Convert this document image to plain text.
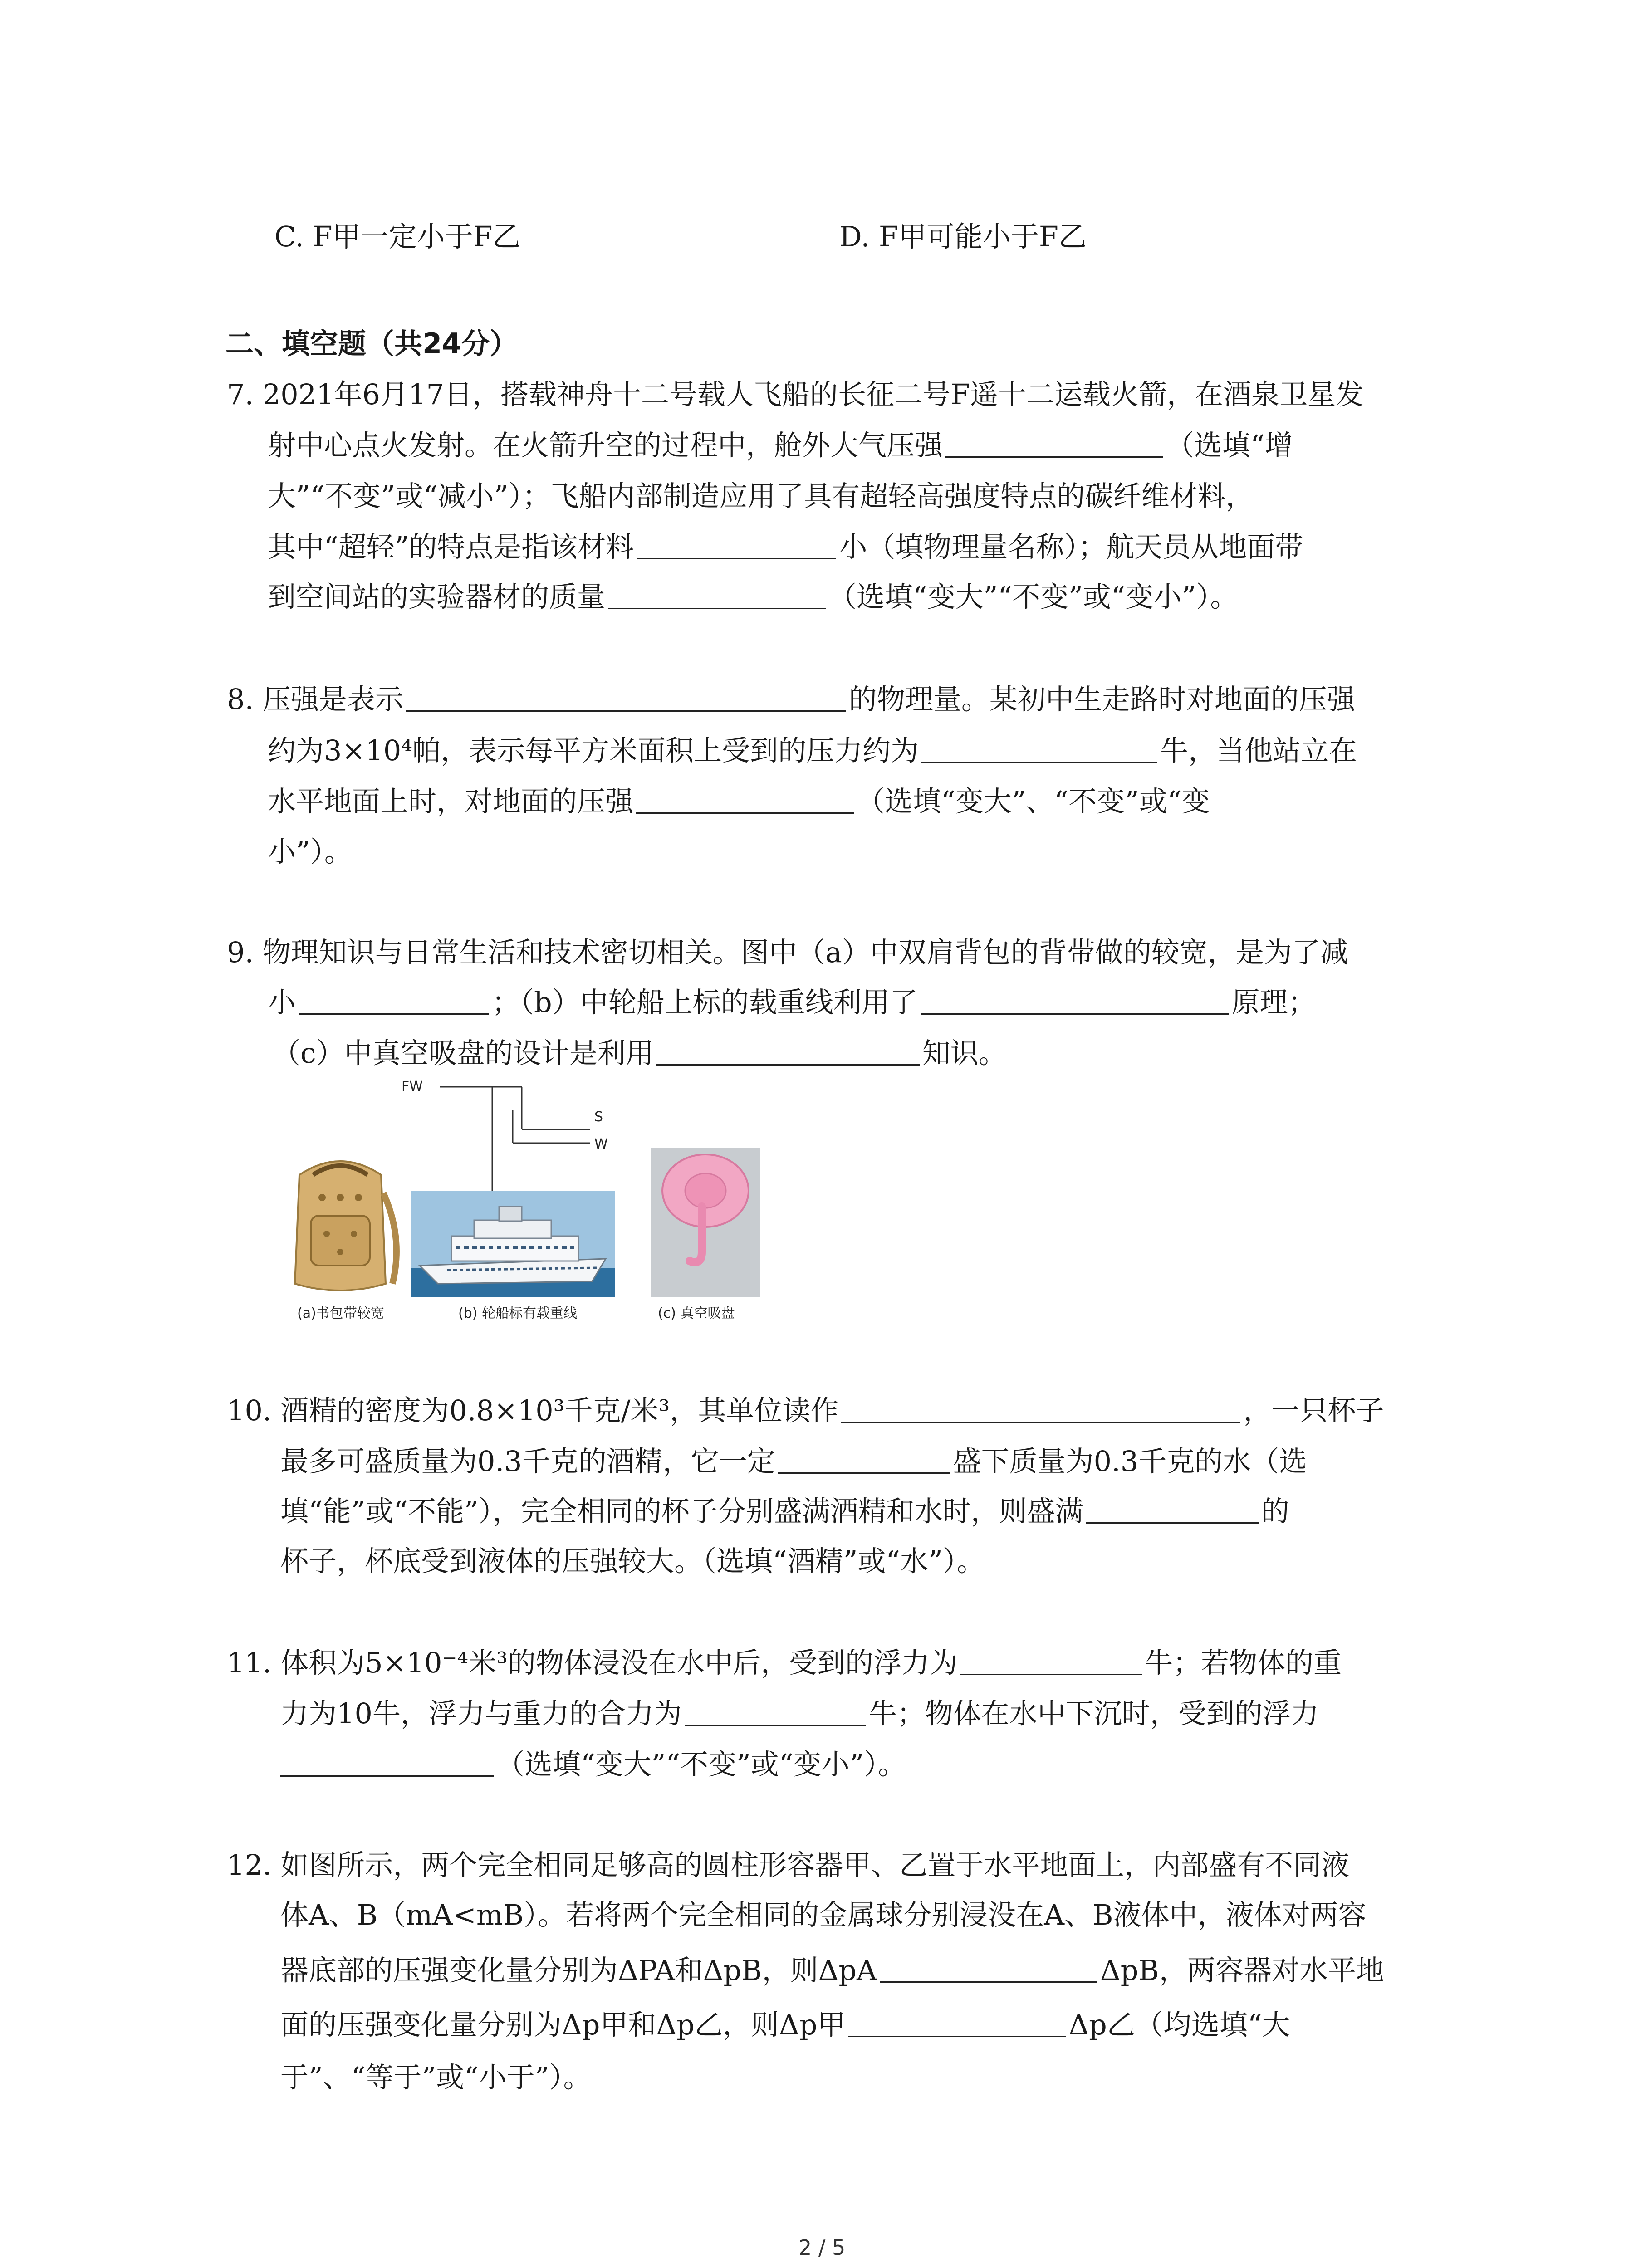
C. F甲一定小于F乙	D. F甲可能小于F乙
二、填空题（共24分）
7. 2021年6月17日，搭载神舟十二号载人飞船的长征二号F遥十二运载火箭，在酒泉卫星发
射中心点火发射。在火箭升空的过程中，舱外大气压强	（选填“增
大”“不变”或“减小”）；飞船内部制造应用了具有超轻高强度特点的碳纤维材料，
其中“超轻”的特点是指该材料	小（填物理量名称）；航天员从地面带
到空间站的实验器材的质量	（选填“变大”“不变”或“变小”）。
8. 压强是表示	的物理量。某初中生走路时对地面的压强
约为3×10⁴帕，表示每平方米面积上受到的压力约为	牛，当他站立在
水平地面上时，对地面的压强	（选填“变大”、“不变”或“变
小”）。
9. 物理知识与日常生活和技术密切相关。图中（a）中双肩背包的背带做的较宽，是为了减
小	；（b）中轮船上标的载重线利用了	原理；
（c）中真空吸盘的设计是利用	知识。
FW
S
W
(a)书包带较宽	(b) 轮船标有载重线	(c) 真空吸盘
10. 酒精的密度为0.8×10³千克/米³，其单位读作	，一只杯子
最多可盛质量为0.3千克的酒精，它一定	盛下质量为0.3千克的水（选
填“能”或“不能”），完全相同的杯子分别盛满酒精和水时，则盛满	的
杯子，杯底受到液体的压强较大。（选填“酒精”或“水”）。
11. 体积为5×10⁻⁴米³的物体浸没在水中后，受到的浮力为	牛；若物体的重
力为10牛，浮力与重力的合力为	牛；物体在水中下沉时，受到的浮力
（选填“变大”“不变”或“变小”）。
12. 如图所示，两个完全相同足够高的圆柱形容器甲、乙置于水平地面上，内部盛有不同液
体A、B（mA<mB）。若将两个完全相同的金属球分别浸没在A、B液体中，液体对两容
器底部的压强变化量分别为ΔPA和ΔpB，则ΔpA	ΔpB，两容器对水平地
面的压强变化量分别为Δp甲和Δp乙，则Δp甲	Δp乙（均选填“大
于”、“等于”或“小于”）。
2 / 5
